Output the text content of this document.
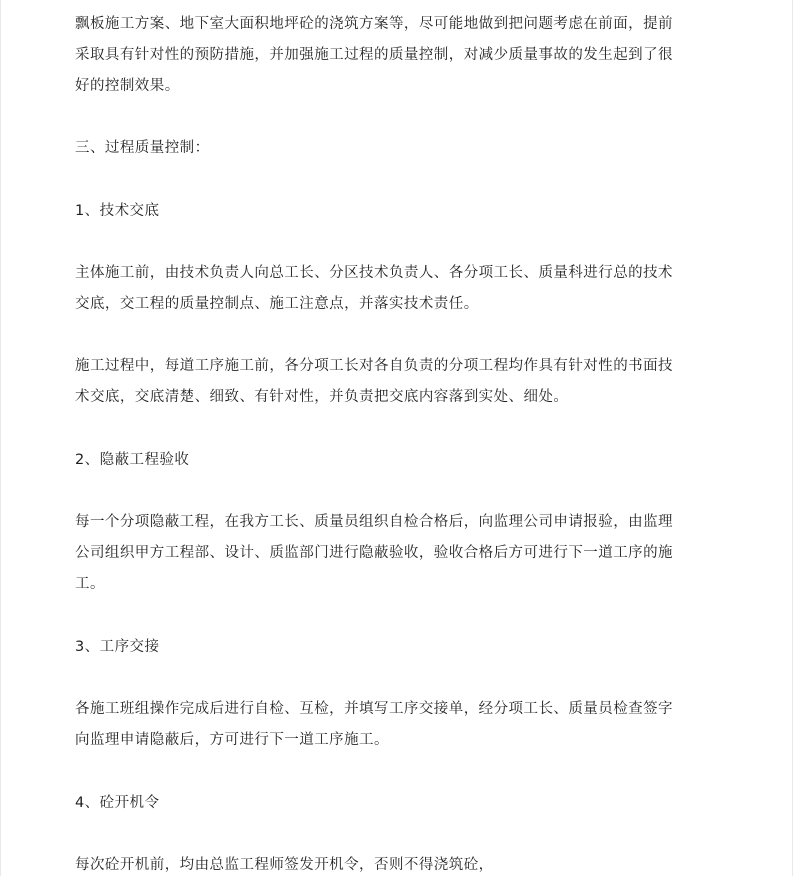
飘板施工方案、地下室大面积地坪砼的浇筑方案等，尽可能地做到把问题考虑在前面，提前
采取具有针对性的预防措施，并加强施工过程的质量控制，对减少质量事故的发生起到了很
好的控制效果。
三、过程质量控制：
1、技术交底
主体施工前，由技术负责人向总工长、分区技术负责人、各分项工长、质量科进行总的技术
交底，交工程的质量控制点、施工注意点，并落实技术责任。
施工过程中，每道工序施工前，各分项工长对各自负责的分项工程均作具有针对性的书面技
术交底，交底清楚、细致、有针对性，并负责把交底内容落到实处、细处。
2、隐蔽工程验收
每一个分项隐蔽工程，在我方工长、质量员组织自检合格后，向监理公司申请报验，由监理
公司组织甲方工程部、设计、质监部门进行隐蔽验收，验收合格后方可进行下一道工序的施
工。
3、工序交接
各施工班组操作完成后进行自检、互检，并填写工序交接单，经分项工长、质量员检查签字
向监理申请隐蔽后，方可进行下一道工序施工。
4、砼开机令
每次砼开机前，均由总监工程师签发开机令，否则不得浇筑砼，
